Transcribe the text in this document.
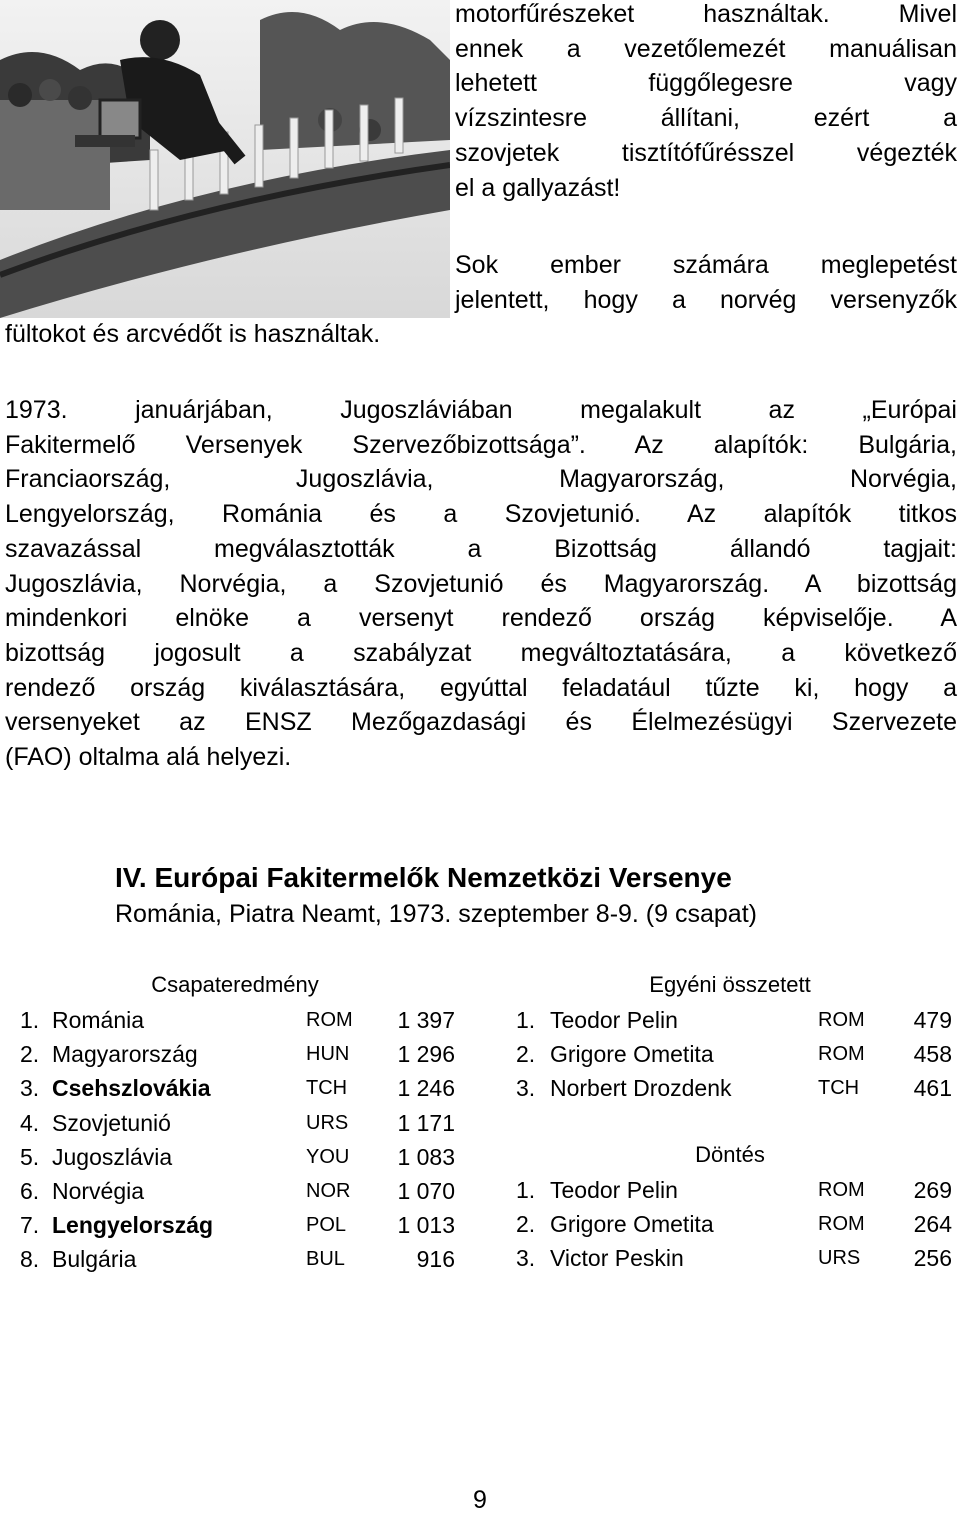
motorfűrészeket használtak. Mivel
ennek a vezetőlemezét manuálisan
lehetett függőlegesre vagy
vízszintesre állítani, ezért a
szovjetek tisztítófűrésszel végezték
el a gallyazást!
Sok ember számára meglepetést
jelentett, hogy a norvég versenyzők
fültokot és arcvédőt is használtak.
1973. januárjában, Jugoszláviában megalakult az „Európai
Fakitermelő Versenyek Szervezőbizottsága”. Az alapítók: Bulgária,
Franciaország, Jugoszlávia, Magyarország, Norvégia,
Lengyelország, Románia és a Szovjetunió. Az alapítók titkos
szavazással megválasztották a Bizottság állandó tagjait:
Jugoszlávia, Norvégia, a Szovjetunió és Magyarország. A bizottság
mindenkori elnöke a versenyt rendező ország képviselője. A
bizottság jogosult a szabályzat megváltoztatására, a következő
rendező ország kiválasztására, egyúttal feladatául tűzte ki, hogy a
versenyeket az ENSZ Mezőgazdasági és Élelmezésügyi Szervezete
(FAO) oltalma alá helyezi.
IV. Európai Fakitermelők Nemzetközi Versenye
Románia, Piatra Neamt, 1973. szeptember 8-9. (9 csapat)
Csapateredmény
1. Románia	ROM	1 397
2. Magyarország	HUN	1 296
3. Csehszlovákia	TCH	1 246
4. Szovjetunió	URS	1 171
5. Jugoszlávia	YOU	1 083
6. Norvégia	NOR	1 070
7. Lengyelország	POL	1 013
8. Bulgária	BUL	916
Egyéni összetett
1. Teodor Pelin	ROM	479
2. Grigore Ometita	ROM	458
3. Norbert Drozdenk	TCH	461
Döntés
1. Teodor Pelin	ROM	269
2. Grigore Ometita	ROM	264
3. Victor Peskin	URS	256
9
